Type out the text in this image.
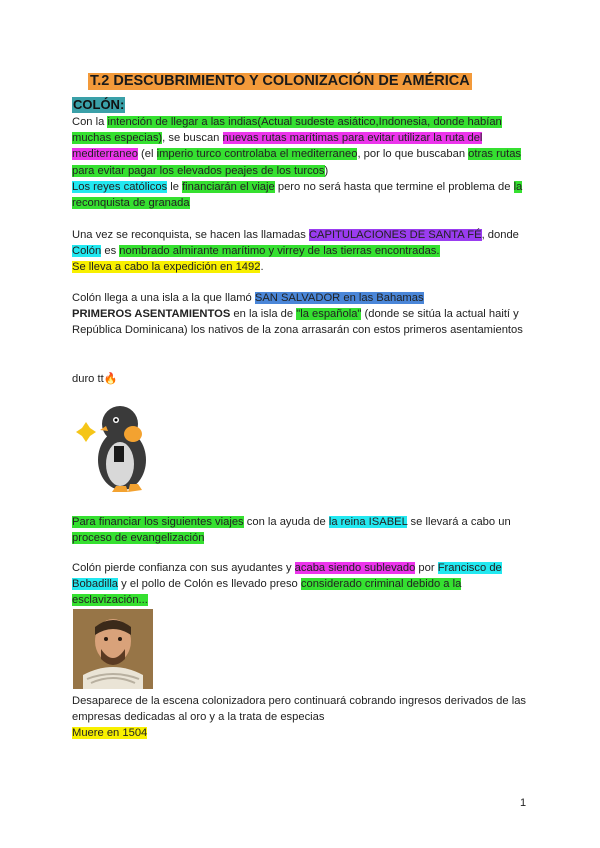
T.2 DESCUBRIMIENTO Y COLONIZACIÓN DE AMÉRICA
COLÓN:
Con la intención de llegar a las indias(Actual sudeste asiático,Indonesia, donde habían muchas especias), se buscan nuevas rutas marítimas para evitar utilizar la ruta del mediterraneo (el imperio turco controlaba el mediterraneo, por lo que buscaban otras rutas para evitar pagar los elevados peajes de los turcos)
Los reyes católicos le financiarán el viaje pero no será hasta que termine el problema de la reconquista de granada
Una vez se reconquista, se hacen las llamadas CAPITULACIONES DE SANTA FÉ, donde Colón es nombrado almirante marítimo y virrey de las tierras encontradas.
Se lleva a cabo la expedición en 1492.
Colón llega a una isla a la que llamó SAN SALVADOR en las Bahamas
PRIMEROS ASENTAMIENTOS en la isla de "la española" (donde se sitúa la actual haití y República Dominicana) los nativos de la zona arrasarán con estos primeros asentamientos
duro tt🔥
Para financiar los siguientes viajes con la ayuda de la reina ISABEL se llevará a cabo un proceso de evangelización
Colón pierde confianza con sus ayudantes y acaba siendo sublevado por Francisco de Bobadilla y el pollo de Colón es llevado preso considerado criminal debido a la esclavización...
Desaparece de la escena colonizadora pero continuará cobrando ingresos derivados de las empresas dedicadas al oro y a la trata de especias
Muere en 1504
1
